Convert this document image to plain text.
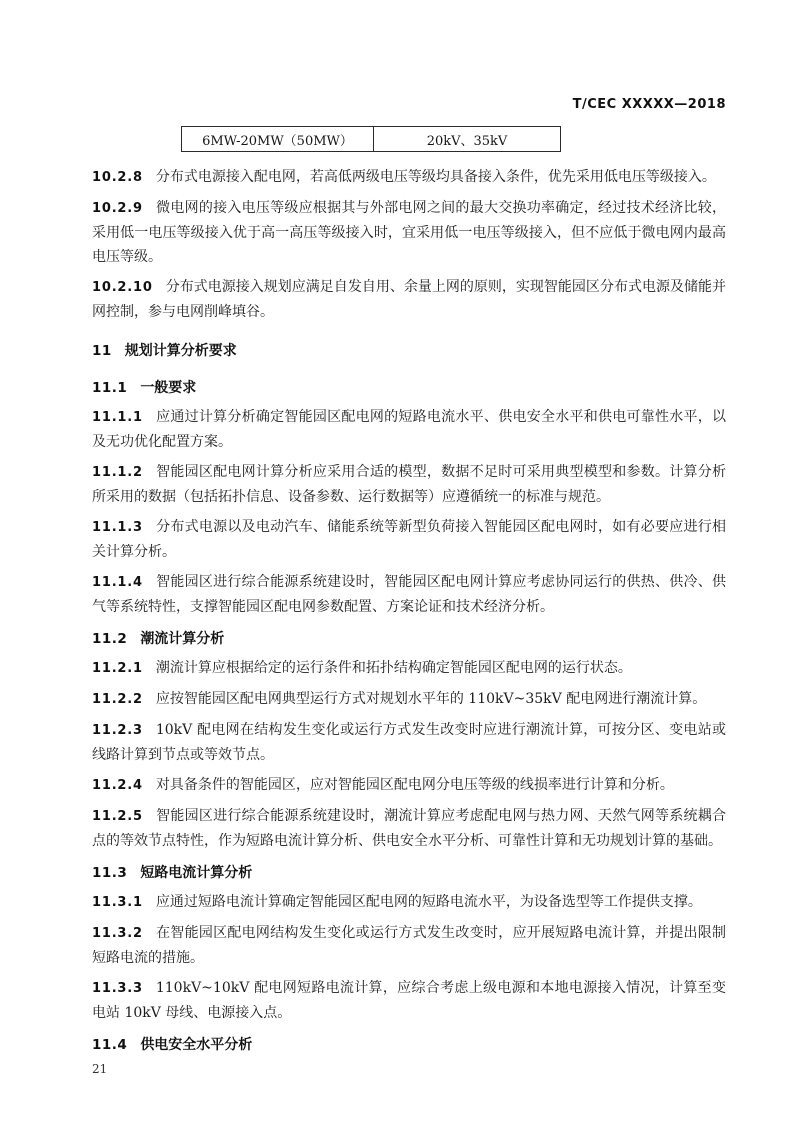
T/CEC XXXXX—2018
6MW-20MW（50MW）	20kV、35kV

10.2.8 分布式电源接入配电网，若高低两级电压等级均具备接入条件，优先采用低电压等级接入。

10.2.9 微电网的接入电压等级应根据其与外部电网之间的最大交换功率确定，经过技术经济比较，采用低一电压等级接入优于高一高压等级接入时，宜采用低一电压等级接入，但不应低于微电网内最高电压等级。

10.2.10 分布式电源接入规划应满足自发自用、余量上网的原则，实现智能园区分布式电源及储能并网控制，参与电网削峰填谷。

11 规划计算分析要求
11.1 一般要求

11.1.1 应通过计算分析确定智能园区配电网的短路电流水平、供电安全水平和供电可靠性水平，以及无功优化配置方案。

11.1.2 智能园区配电网计算分析应采用合适的模型，数据不足时可采用典型模型和参数。计算分析所采用的数据（包括拓扑信息、设备参数、运行数据等）应遵循统一的标准与规范。

11.1.3 分布式电源以及电动汽车、储能系统等新型负荷接入智能园区配电网时，如有必要应进行相关计算分析。

11.1.4 智能园区进行综合能源系统建设时，智能园区配电网计算应考虑协同运行的供热、供冷、供气等系统特性，支撑智能园区配电网参数配置、方案论证和技术经济分析。

11.2 潮流计算分析

11.2.1 潮流计算应根据给定的运行条件和拓扑结构确定智能园区配电网的运行状态。

11.2.2 应按智能园区配电网典型运行方式对规划水平年的 110kV~35kV 配电网进行潮流计算。

11.2.3 10kV 配电网在结构发生变化或运行方式发生改变时应进行潮流计算，可按分区、变电站或线路计算到节点或等效节点。

11.2.4 对具备条件的智能园区，应对智能园区配电网分电压等级的线损率进行计算和分析。

11.2.5 智能园区进行综合能源系统建设时，潮流计算应考虑配电网与热力网、天然气网等系统耦合点的等效节点特性，作为短路电流计算分析、供电安全水平分析、可靠性计算和无功规划计算的基础。

11.3 短路电流计算分析

11.3.1 应通过短路电流计算确定智能园区配电网的短路电流水平，为设备选型等工作提供支撑。

11.3.2 在智能园区配电网结构发生变化或运行方式发生改变时，应开展短路电流计算，并提出限制短路电流的措施。

11.3.3 110kV~10kV 配电网短路电流计算，应综合考虑上级电源和本地电源接入情况，计算至变电站 10kV 母线、电源接入点。

11.4 供电安全水平分析
21
